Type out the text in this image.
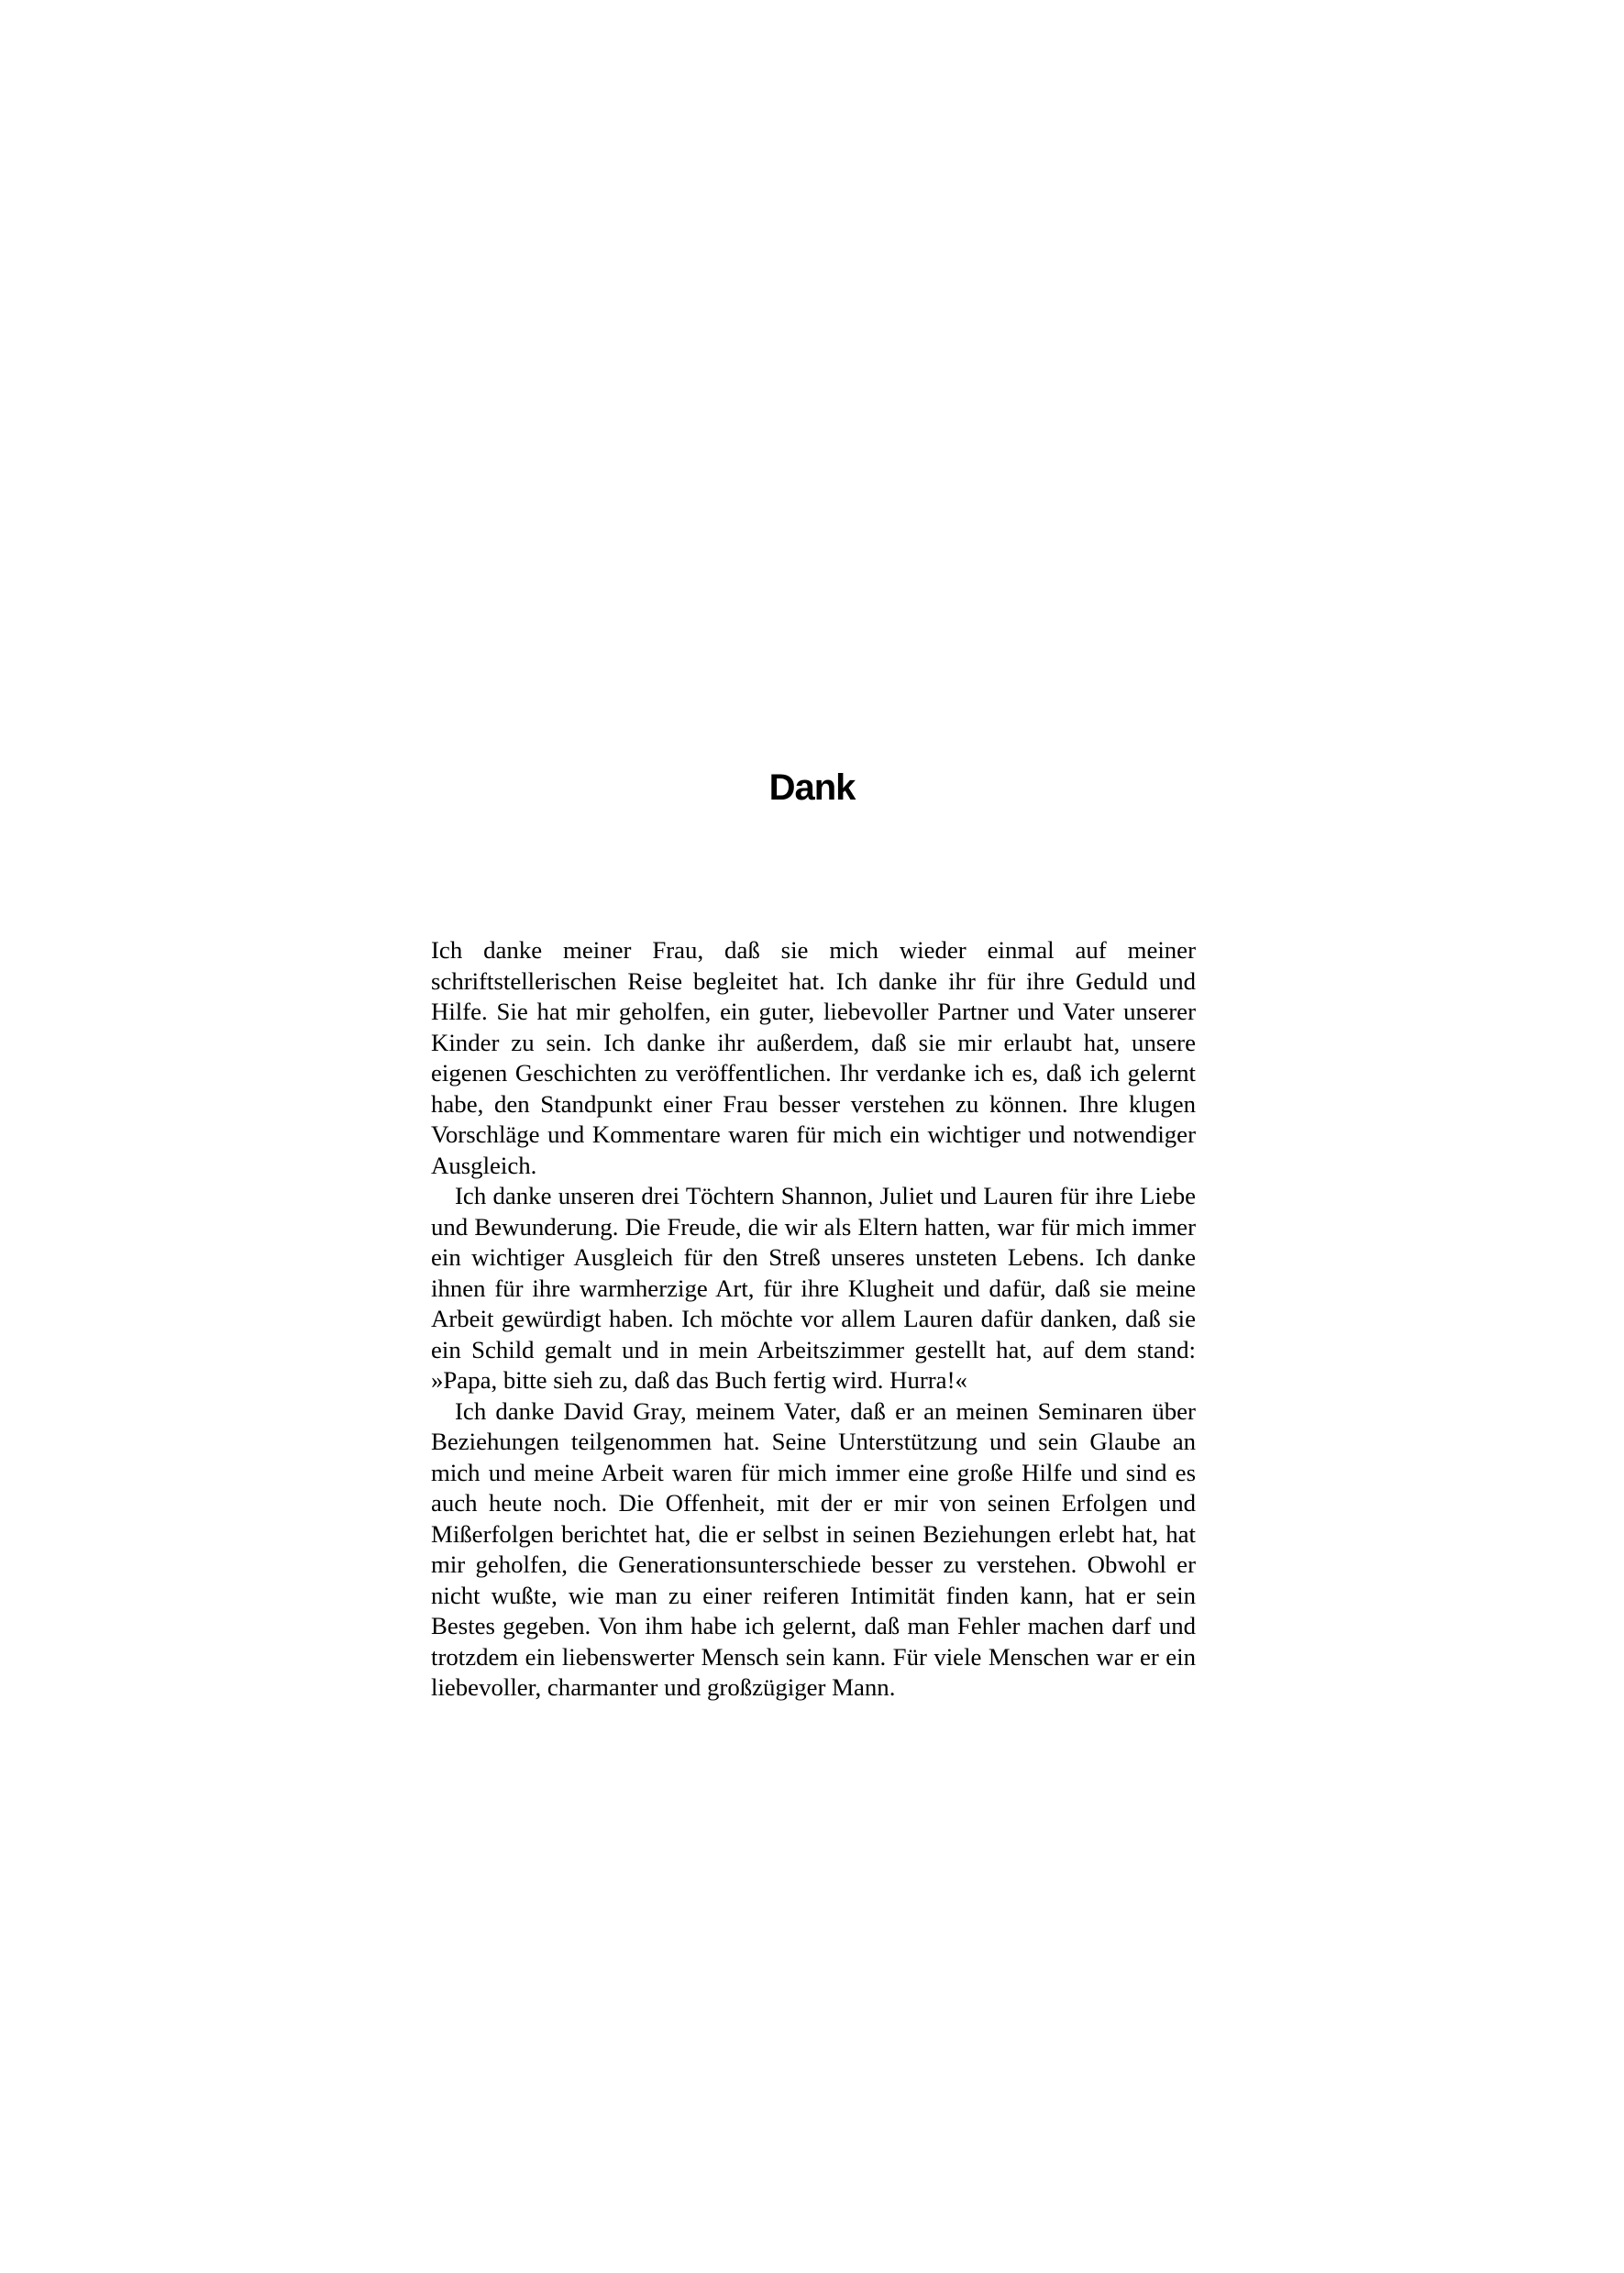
Dank

Ich danke meiner Frau, daß sie mich wieder einmal auf meiner schriftstellerischen Reise begleitet hat. Ich danke ihr für ihre Geduld und Hilfe. Sie hat mir geholfen, ein guter, liebevoller Partner und Vater unserer Kinder zu sein. Ich danke ihr außerdem, daß sie mir erlaubt hat, unsere eigenen Geschichten zu veröffentlichen. Ihr verdanke ich es, daß ich gelernt habe, den Standpunkt einer Frau besser verstehen zu können. Ihre klugen Vorschläge und Kommentare waren für mich ein wichtiger und notwendiger Ausgleich.

Ich danke unseren drei Töchtern Shannon, Juliet und Lauren für ihre Liebe und Bewunderung. Die Freude, die wir als Eltern hatten, war für mich immer ein wichtiger Ausgleich für den Streß unseres unsteten Lebens. Ich danke ihnen für ihre warmherzige Art, für ihre Klugheit und dafür, daß sie meine Arbeit gewürdigt haben. Ich möchte vor allem Lauren dafür danken, daß sie ein Schild gemalt und in mein Arbeitszimmer gestellt hat, auf dem stand: »Papa, bitte sieh zu, daß das Buch fertig wird. Hurra!«

Ich danke David Gray, meinem Vater, daß er an meinen Seminaren über Beziehungen teilgenommen hat. Seine Unterstützung und sein Glaube an mich und meine Arbeit waren für mich immer eine große Hilfe und sind es auch heute noch. Die Offenheit, mit der er mir von seinen Erfolgen und Mißerfolgen berichtet hat, die er selbst in seinen Beziehungen erlebt hat, hat mir geholfen, die Generationsunterschiede besser zu verstehen. Obwohl er nicht wußte, wie man zu einer reiferen Intimität finden kann, hat er sein Bestes gegeben. Von ihm habe ich gelernt, daß man Fehler machen darf und trotzdem ein liebenswerter Mensch sein kann. Für viele Menschen war er ein liebevoller, charmanter und großzügiger Mann.
